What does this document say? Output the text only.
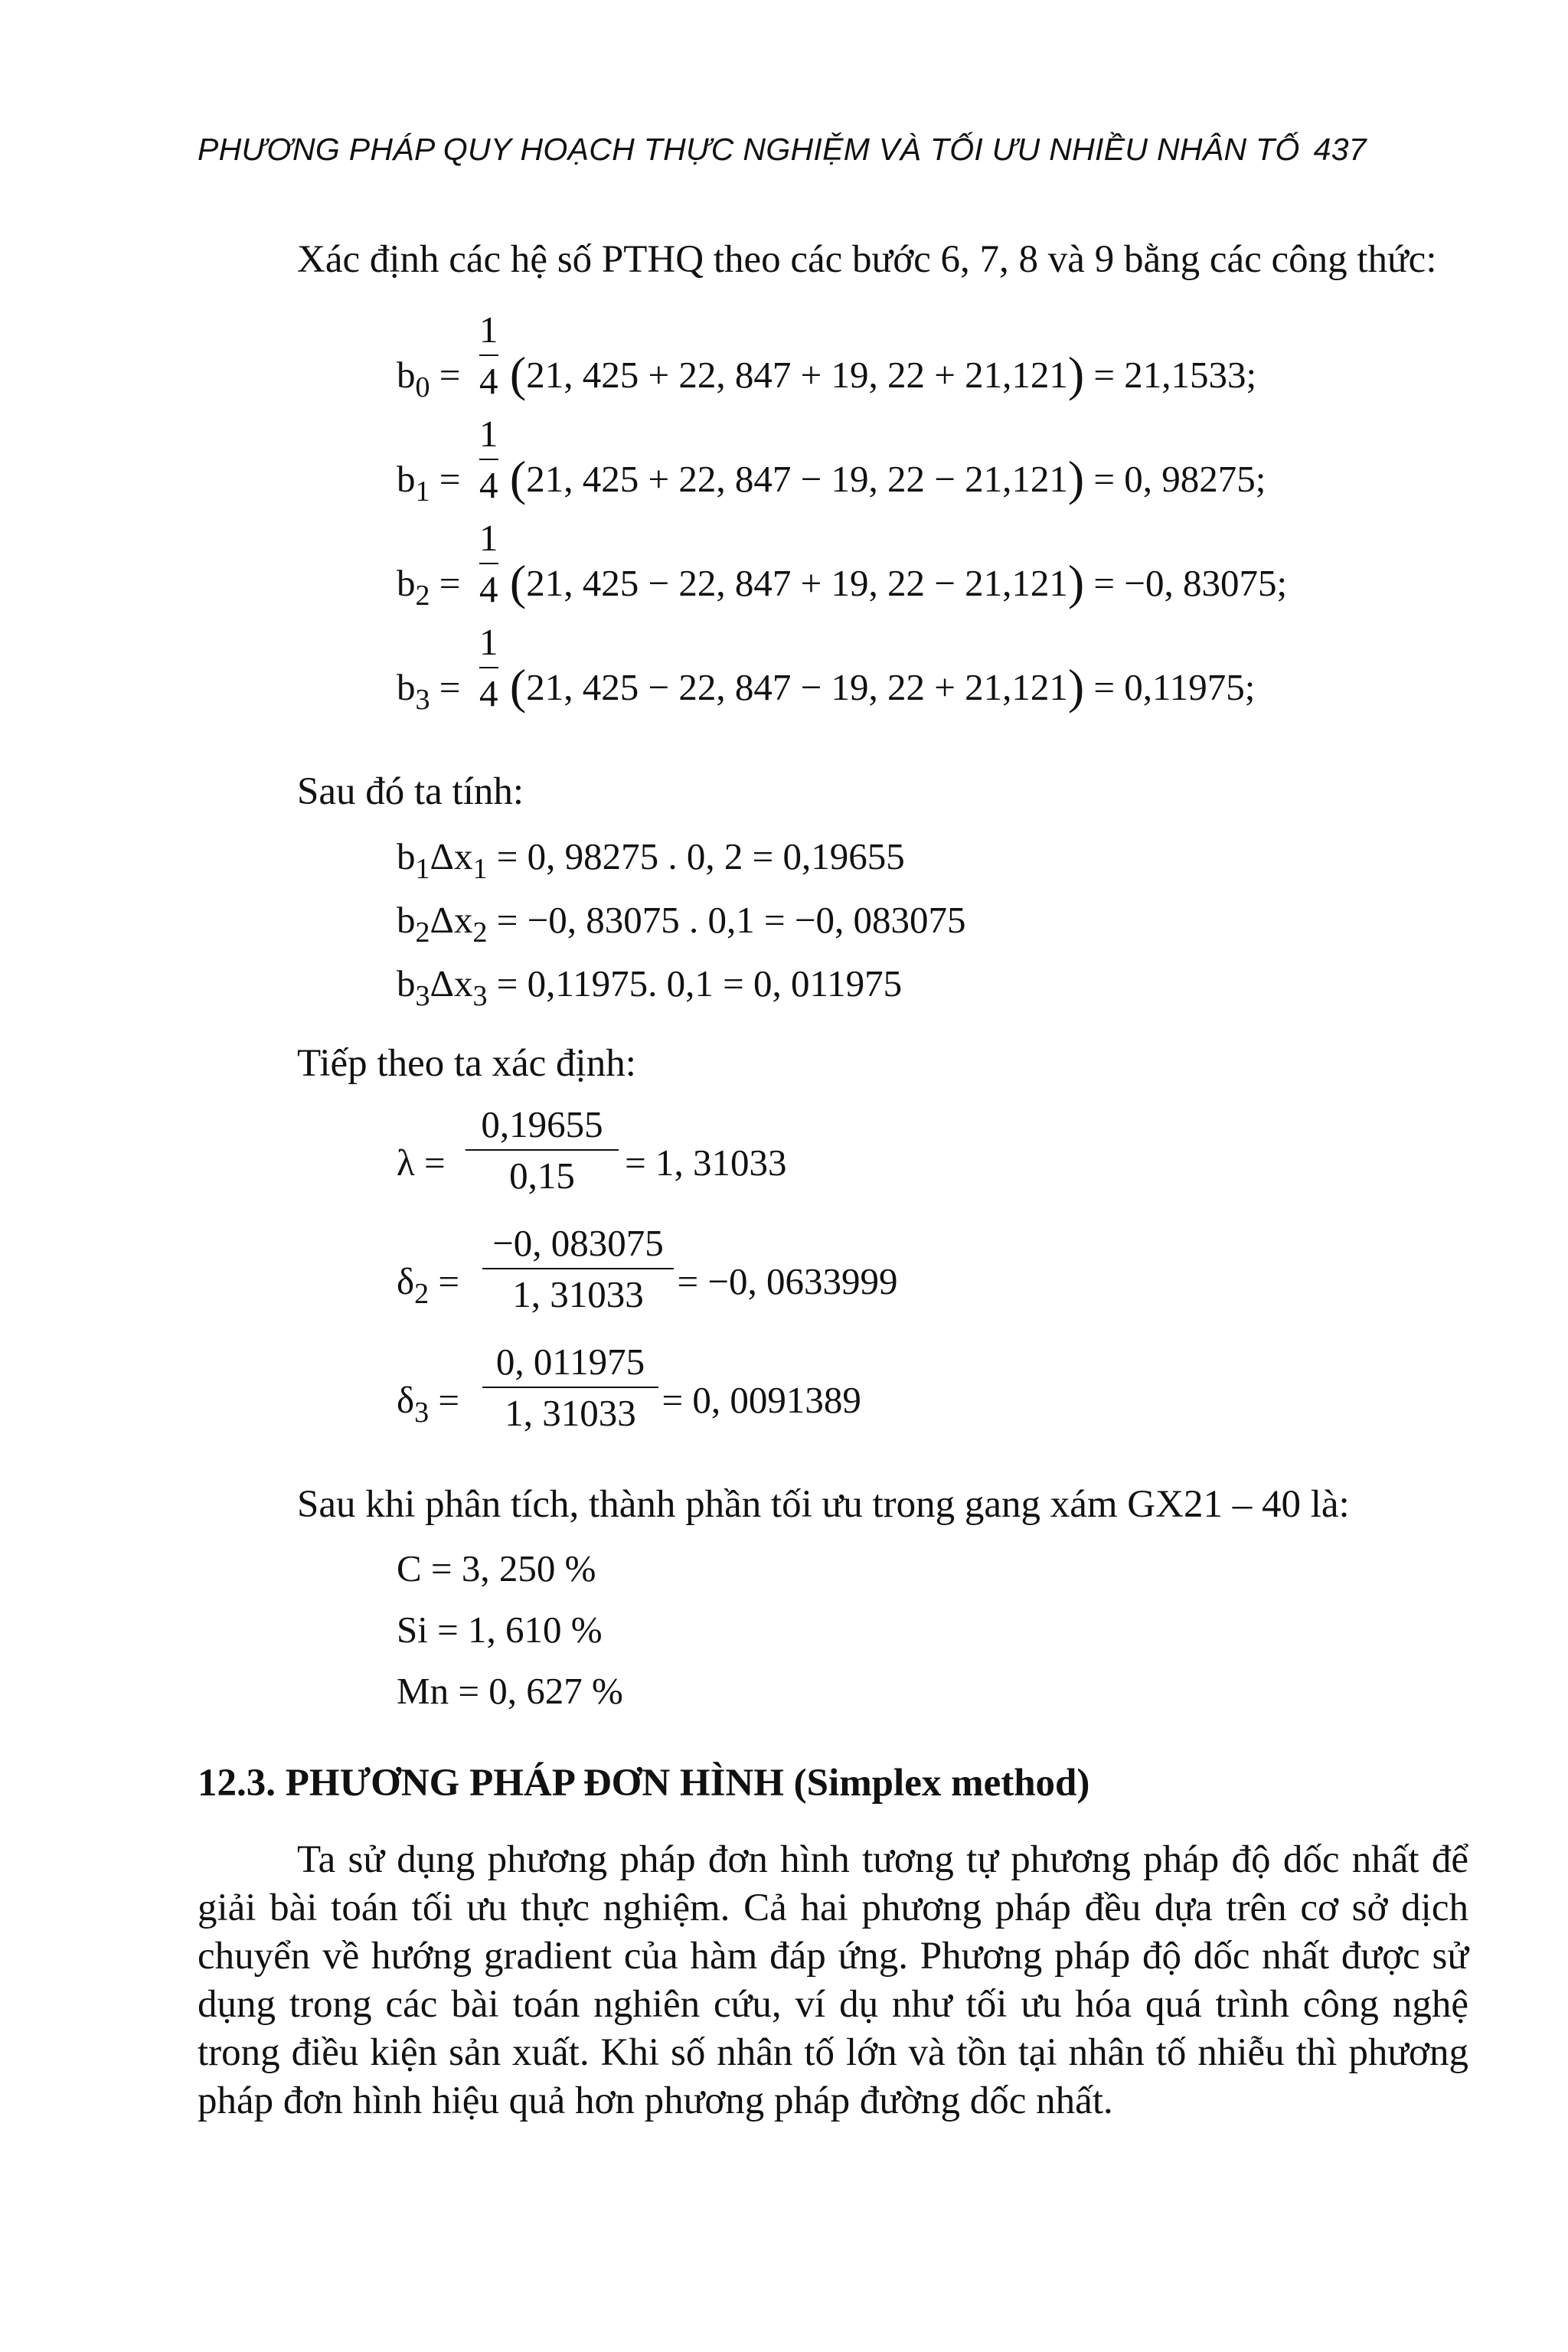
PHƯƠNG PHÁP QUY HOẠCH THỰC NGHIỆM VÀ TỐI ƯU NHIỀU NHÂN TỐ 437
Xác định các hệ số PTHQ theo các bước 6, 7, 8 và 9 bằng các công thức:
$b_0$ =
1
4 (21, 425 + 22, 847 + 19, 22 + 21,121) = 21,1533;
$b_1$ =
1
4 (21, 425 + 22, 847 − 19, 22 − 21,121) = 0, 98275;
$b_2$ =
1
4 (21, 425 − 22, 847 + 19, 22 − 21,121) = −0, 83075;
$b_3$ =
1
4 (21, 425 − 22, 847 − 19, 22 + 21,121) = 0,11975;
Sau đó ta tính:
$b_1\Delta x_1 = 0$, 98275 . 0, 2 = 0,19655
$b_2\Delta x_2 = -0$, 83075 . 0,1 = −0, 083075
$b_3\Delta x_3 = 0,11975$. 0,1 = 0, 011975
Tiếp theo ta xác định:
λ =
0,19655
0,15	= 1, 31033
$\delta_2$ =
−0, 083075
1, 31033 = −0, 0633999
$\delta_3$ =
0, 011975
1, 31033 = 0, 0091389
Sau khi phân tích, thành phần tối ưu trong gang xám GX21 – 40 là:
C = 3, 250 %
Si = 1, 610 %
Mn = 0, 627 %
12.3. PHƯƠNG PHÁP ĐƠN HÌNH (Simplex method)
Ta sử dụng phương pháp đơn hình tương tự phương pháp độ dốc nhất để giải bài toán tối ưu thực nghiệm. Cả hai phương pháp đều dựa trên cơ sở dịch chuyển về hướng gradient của hàm đáp ứng. Phương pháp độ dốc nhất được sử dụng trong các bài toán nghiên cứu, ví dụ như tối ưu hóa quá trình công nghệ trong điều kiện sản xuất. Khi số nhân tố lớn và tồn tại nhân tố nhiễu thì phương pháp đơn hình hiệu quả hơn phương pháp đường dốc nhất.
